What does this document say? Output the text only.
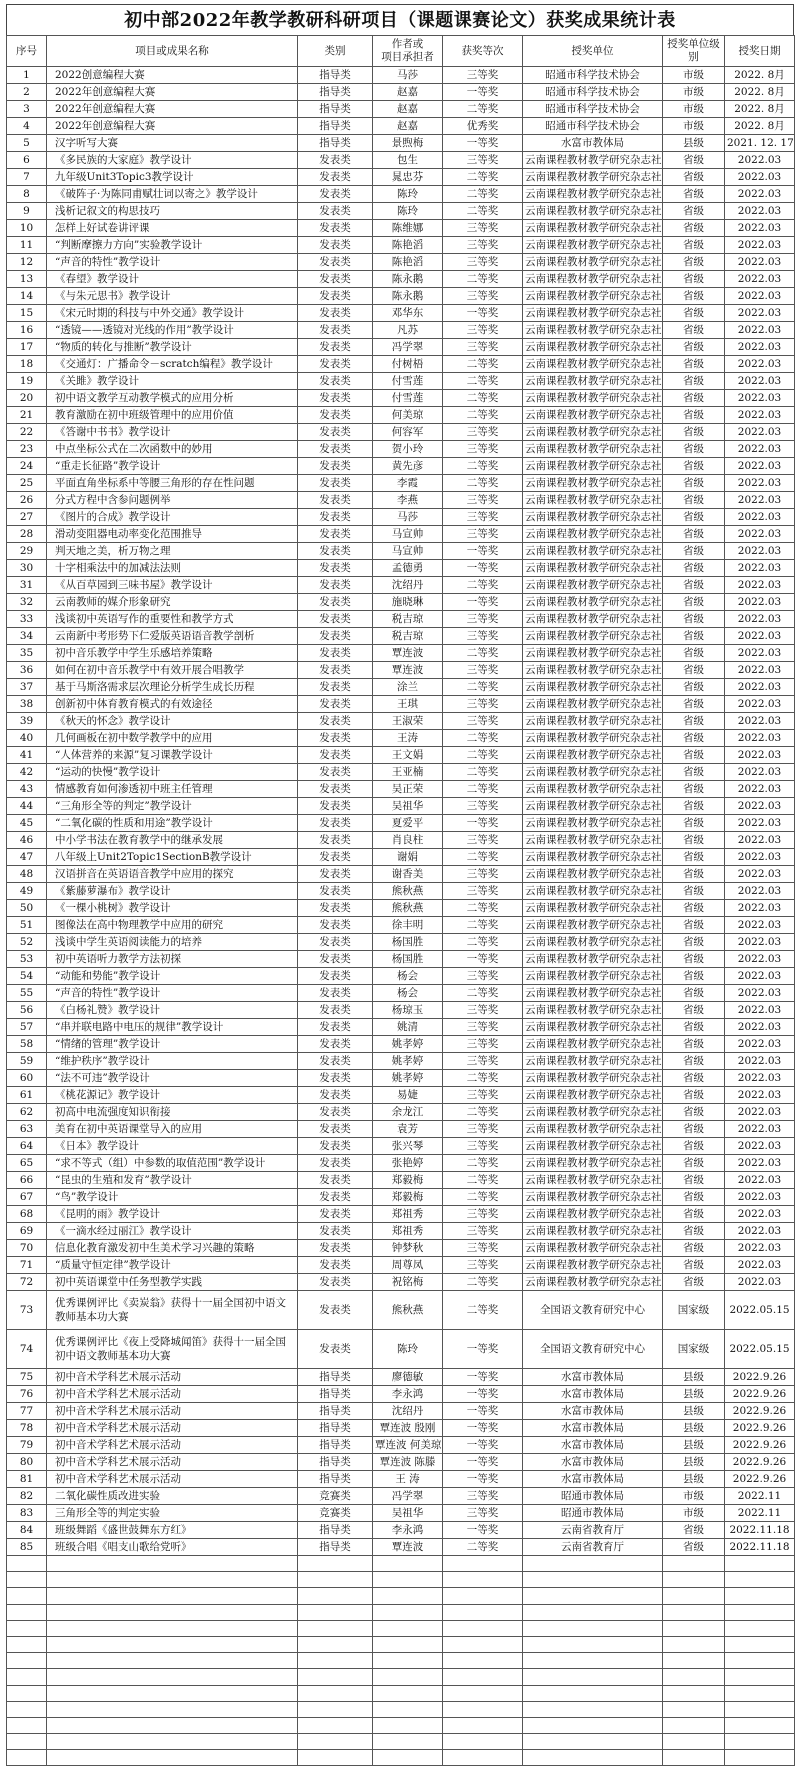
初中部2022年教学教研科研项目（课题课赛论文）获奖成果统计表
序号	项目或成果名称	类别	作者或
项目承担者	获奖等次	授奖单位	授奖单位级别	授奖日期
1	2022创意编程大赛	指导类	马莎	三等奖	昭通市科学技术协会	市级	2022. 8月
2	2022年创意编程大赛	指导类	赵嘉	一等奖	昭通市科学技术协会	市级	2022. 8月
3	2022年创意编程大赛	指导类	赵嘉	二等奖	昭通市科学技术协会	市级	2022. 8月
4	2022年创意编程大赛	指导类	赵嘉	优秀奖	昭通市科学技术协会	市级	2022. 8月
5	汉字听写大赛	指导类	景煦梅	一等奖	水富市教体局	县级	2021. 12. 17
6	《多民族的大家庭》教学设计	发表类	包生	三等奖	云南课程教材教学研究杂志社	省级	2022.03
7	九年级Unit3Topic3教学设计	发表类	晁忠芬	二等奖	云南课程教材教学研究杂志社	省级	2022.03
8	《破阵子·为陈同甫赋壮词以寄之》教学设计	发表类	陈玲	二等奖	云南课程教材教学研究杂志社	省级	2022.03
9	浅析记叙文的构思技巧	发表类	陈玲	二等奖	云南课程教材教学研究杂志社	省级	2022.03
10	怎样上好试卷讲评课	发表类	陈维娜	三等奖	云南课程教材教学研究杂志社	省级	2022.03
11	“判断摩擦力方向”实验教学设计	发表类	陈艳滔	三等奖	云南课程教材教学研究杂志社	省级	2022.03
12	“声音的特性”教学设计	发表类	陈艳滔	三等奖	云南课程教材教学研究杂志社	省级	2022.03
13	《春望》教学设计	发表类	陈永鹅	二等奖	云南课程教材教学研究杂志社	省级	2022.03
14	《与朱元思书》教学设计	发表类	陈永鹅	三等奖	云南课程教材教学研究杂志社	省级	2022.03
15	《宋元时期的科技与中外交通》教学设计	发表类	邓华东	一等奖	云南课程教材教学研究杂志社	省级	2022.03
16	“透镜——透镜对光线的作用”教学设计	发表类	凡苏	三等奖	云南课程教材教学研究杂志社	省级	2022.03
17	“物质的转化与推断”教学设计	发表类	冯学翠	三等奖	云南课程教材教学研究杂志社	省级	2022.03
18	《交通灯：广播命令－scratch编程》教学设计	发表类	付树梧	二等奖	云南课程教材教学研究杂志社	省级	2022.03
19	《关雎》教学设计	发表类	付雪莲	二等奖	云南课程教材教学研究杂志社	省级	2022.03
20	初中语文教学互动教学模式的应用分析	发表类	付雪莲	二等奖	云南课程教材教学研究杂志社	省级	2022.03
21	教育激励在初中班级管理中的应用价值	发表类	何美琼	二等奖	云南课程教材教学研究杂志社	省级	2022.03
22	《答谢中书书》教学设计	发表类	何容军	三等奖	云南课程教材教学研究杂志社	省级	2022.03
23	中点坐标公式在二次函数中的妙用	发表类	贺小玲	三等奖	云南课程教材教学研究杂志社	省级	2022.03
24	“重走长征路”教学设计	发表类	黄先彦	二等奖	云南课程教材教学研究杂志社	省级	2022.03
25	平面直角坐标系中等腰三角形的存在性问题	发表类	李霞	二等奖	云南课程教材教学研究杂志社	省级	2022.03
26	分式方程中含参问题例举	发表类	李燕	三等奖	云南课程教材教学研究杂志社	省级	2022.03
27	《图片的合成》教学设计	发表类	马莎	三等奖	云南课程教材教学研究杂志社	省级	2022.03
28	滑动变阻器电动率变化范围推导	发表类	马宣帅	三等奖	云南课程教材教学研究杂志社	省级	2022.03
29	判天地之美，析万物之理	发表类	马宣帅	一等奖	云南课程教材教学研究杂志社	省级	2022.03
30	十字相乘法中的加减法法则	发表类	孟德勇	一等奖	云南课程教材教学研究杂志社	省级	2022.03
31	《从百草园到三味书屋》教学设计	发表类	沈绍丹	二等奖	云南课程教材教学研究杂志社	省级	2022.03
32	云南教师的媒介形象研究	发表类	施晓琳	一等奖	云南课程教材教学研究杂志社	省级	2022.03
33	浅谈初中英语写作的重要性和教学方式	发表类	税吉琼	三等奖	云南课程教材教学研究杂志社	省级	2022.03
34	云南新中考形势下仁爱版英语语音教学剖析	发表类	税吉琼	三等奖	云南课程教材教学研究杂志社	省级	2022.03
35	初中音乐教学中学生乐感培养策略	发表类	覃连波	二等奖	云南课程教材教学研究杂志社	省级	2022.03
36	如何在初中音乐教学中有效开展合唱教学	发表类	覃连波	三等奖	云南课程教材教学研究杂志社	省级	2022.03
37	基于马斯洛需求层次理论分析学生成长历程	发表类	涂兰	二等奖	云南课程教材教学研究杂志社	省级	2022.03
38	创新初中体育教育模式的有效途径	发表类	王琪	三等奖	云南课程教材教学研究杂志社	省级	2022.03
39	《秋天的怀念》教学设计	发表类	王淑荣	三等奖	云南课程教材教学研究杂志社	省级	2022.03
40	几何画板在初中数学教学中的应用	发表类	王涛	二等奖	云南课程教材教学研究杂志社	省级	2022.03
41	“人体营养的来源”复习课教学设计	发表类	王文娟	二等奖	云南课程教材教学研究杂志社	省级	2022.03
42	“运动的快慢”教学设计	发表类	王亚楠	二等奖	云南课程教材教学研究杂志社	省级	2022.03
43	情感教育如何渗透初中班主任管理	发表类	吴正荣	二等奖	云南课程教材教学研究杂志社	省级	2022.03
44	“三角形全等的判定”教学设计	发表类	吴祖华	三等奖	云南课程教材教学研究杂志社	省级	2022.03
45	“二氧化碳的性质和用途”教学设计	发表类	夏爱平	一等奖	云南课程教材教学研究杂志社	省级	2022.03
46	中小学书法在教育教学中的继承发展	发表类	肖良柱	三等奖	云南课程教材教学研究杂志社	省级	2022.03
47	八年级上Unit2Topic1SectionB教学设计	发表类	谢娟	二等奖	云南课程教材教学研究杂志社	省级	2022.03
48	汉语拼音在英语语音教学中应用的探究	发表类	谢香美	三等奖	云南课程教材教学研究杂志社	省级	2022.03
49	《紫藤萝瀑布》教学设计	发表类	熊秋燕	三等奖	云南课程教材教学研究杂志社	省级	2022.03
50	《一棵小桃树》教学设计	发表类	熊秋燕	二等奖	云南课程教材教学研究杂志社	省级	2022.03
51	图像法在高中物理教学中应用的研究	发表类	徐丰明	二等奖	云南课程教材教学研究杂志社	省级	2022.03
52	浅谈中学生英语阅读能力的培养	发表类	杨国胜	二等奖	云南课程教材教学研究杂志社	省级	2022.03
53	初中英语听力教学方法初探	发表类	杨国胜	一等奖	云南课程教材教学研究杂志社	省级	2022.03
54	“动能和势能”教学设计	发表类	杨会	三等奖	云南课程教材教学研究杂志社	省级	2022.03
55	“声音的特性”教学设计	发表类	杨会	二等奖	云南课程教材教学研究杂志社	省级	2022.03
56	《白杨礼赞》教学设计	发表类	杨琼玉	三等奖	云南课程教材教学研究杂志社	省级	2022.03
57	“串并联电路中电压的规律”教学设计	发表类	姚清	三等奖	云南课程教材教学研究杂志社	省级	2022.03
58	“情绪的管理”教学设计	发表类	姚孝婷	三等奖	云南课程教材教学研究杂志社	省级	2022.03
59	“维护秩序”教学设计	发表类	姚孝婷	三等奖	云南课程教材教学研究杂志社	省级	2022.03
60	“法不可违”教学设计	发表类	姚孝婷	二等奖	云南课程教材教学研究杂志社	省级	2022.03
61	《桃花源记》教学设计	发表类	易婕	三等奖	云南课程教材教学研究杂志社	省级	2022.03
62	初高中电流强度知识衔接	发表类	余龙江	二等奖	云南课程教材教学研究杂志社	省级	2022.03
63	美育在初中英语课堂导入的应用	发表类	袁芳	三等奖	云南课程教材教学研究杂志社	省级	2022.03
64	《日本》教学设计	发表类	张兴琴	三等奖	云南课程教材教学研究杂志社	省级	2022.03
65	“求不等式（组）中参数的取值范围”教学设计	发表类	张艳婷	二等奖	云南课程教材教学研究杂志社	省级	2022.03
66	“昆虫的生殖和发育”教学设计	发表类	郑毅梅	二等奖	云南课程教材教学研究杂志社	省级	2022.03
67	“鸟”教学设计	发表类	郑毅梅	二等奖	云南课程教材教学研究杂志社	省级	2022.03
68	《昆明的雨》教学设计	发表类	郑祖秀	三等奖	云南课程教材教学研究杂志社	省级	2022.03
69	《一滴水经过丽江》教学设计	发表类	郑祖秀	三等奖	云南课程教材教学研究杂志社	省级	2022.03
70	信息化教育激发初中生美术学习兴趣的策略	发表类	钟梦秋	三等奖	云南课程教材教学研究杂志社	省级	2022.03
71	“质量守恒定律”教学设计	发表类	周尊凤	三等奖	云南课程教材教学研究杂志社	省级	2022.03
72	初中英语课堂中任务型教学实践	发表类	祝铭梅	二等奖	云南课程教材教学研究杂志社	省级	2022.03
73	优秀课例评比《卖炭翁》获得十一届全国初中语文教师基本功大赛	发表类	熊秋燕	二等奖	全国语文教育研究中心	国家级	2022.05.15
74	优秀课例评比《夜上受降城闻笛》获得十一届全国初中语文教师基本功大赛	发表类	陈玲	一等奖	全国语文教育研究中心	国家级	2022.05.15
75	初中音术学科艺术展示活动	指导类	廖德敏	一等奖	水富市教体局	县级	2022.9.26
76	初中音术学科艺术展示活动	指导类	李永鸿	一等奖	水富市教体局	县级	2022.9.26
77	初中音术学科艺术展示活动	指导类	沈绍丹	一等奖	水富市教体局	县级	2022.9.26
78	初中音术学科艺术展示活动	指导类	覃连波 殷刚	一等奖	水富市教体局	县级	2022.9.26
79	初中音术学科艺术展示活动	指导类	覃连波 何美琼	一等奖	水富市教体局	县级	2022.9.26
80	初中音术学科艺术展示活动	指导类	覃连波 陈滕	一等奖	水富市教体局	县级	2022.9.26
81	初中音术学科艺术展示活动	指导类	王 涛	一等奖	水富市教体局	县级	2022.9.26
82	二氧化碳性质改进实验	竞赛类	冯学翠	三等奖	昭通市教体局	市级	2022.11
83	三角形全等的判定实验	竞赛类	吴祖华	三等奖	昭通市教体局	市级	2022.11
84	班级舞蹈《盛世鼓舞东方红》	指导类	李永鸿	一等奖	云南省教育厅	省级	2022.11.18
85	班级合唱《唱支山歌给党听》	指导类	覃连波	二等奖	云南省教育厅	省级	2022.11.18
